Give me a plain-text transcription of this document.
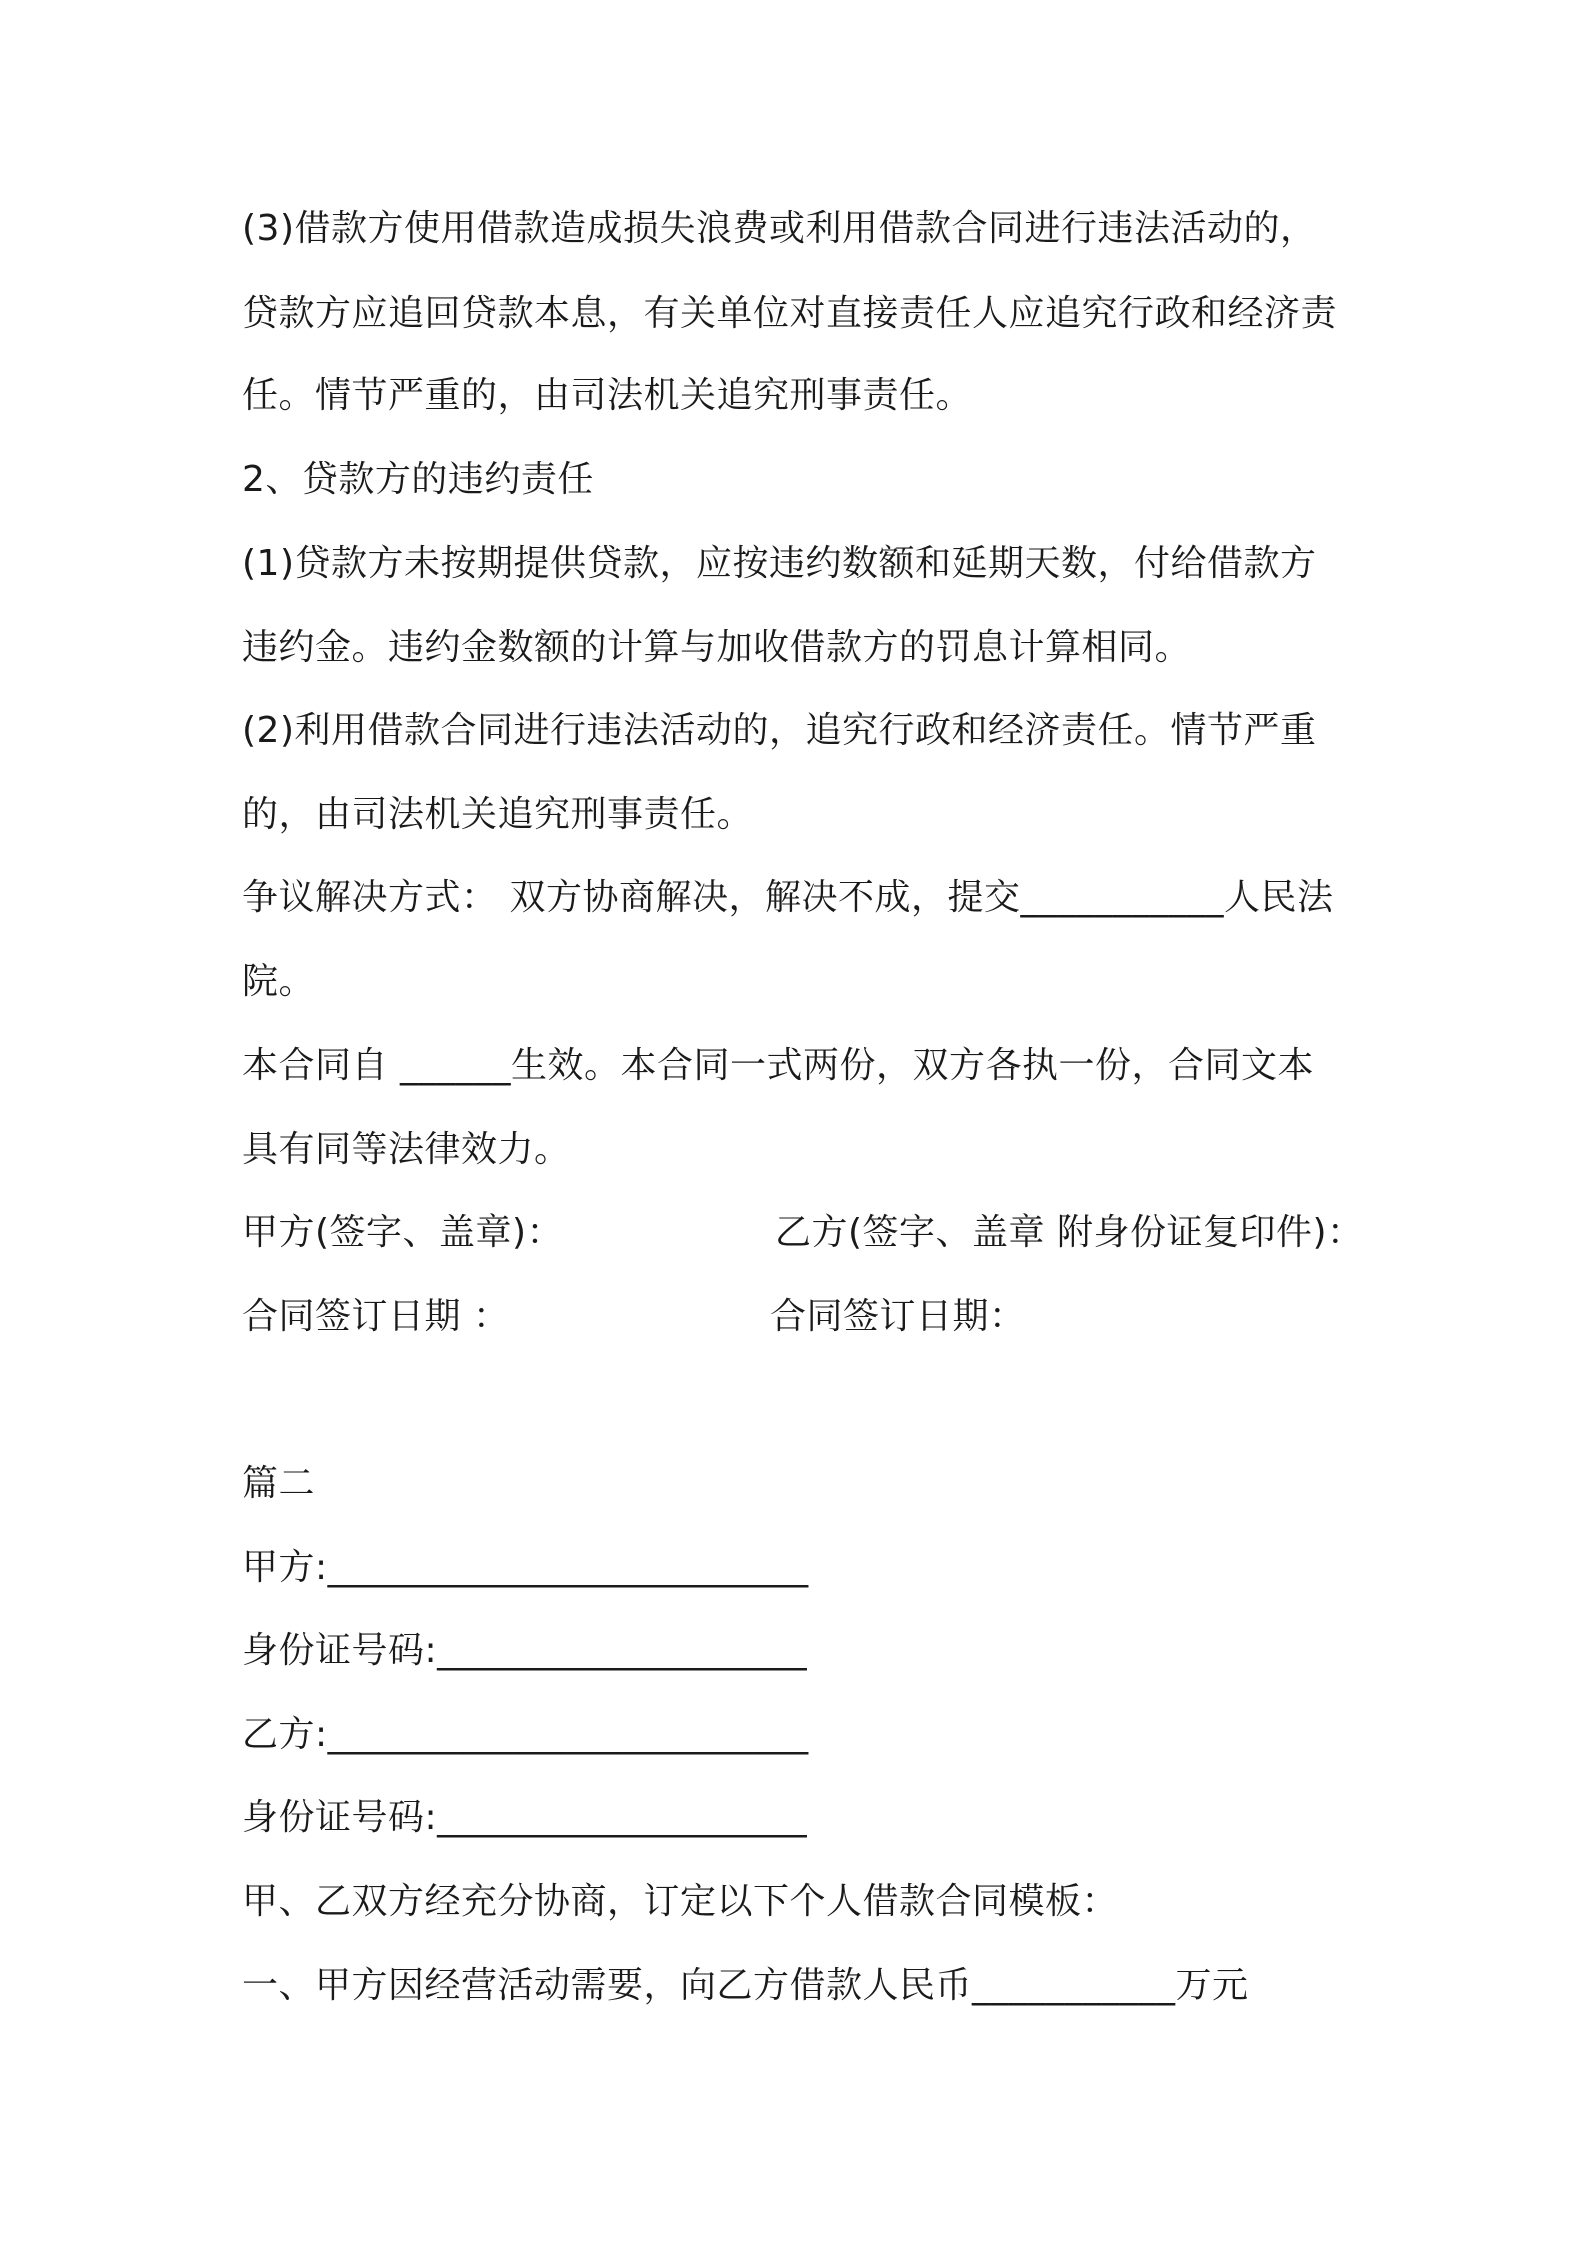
(3)借款方使用借款造成损失浪费或利用借款合同进行违法活动的，
贷款方应追回贷款本息，有关单位对直接责任人应追究行政和经济责
任。情节严重的，由司法机关追究刑事责任。
2、贷款方的违约责任
(1)贷款方未按期提供贷款，应按违约数额和延期天数，付给借款方
违约金。违约金数额的计算与加收借款方的罚息计算相同。
(2)利用借款合同进行违法活动的，追究行政和经济责任。情节严重
的，由司法机关追究刑事责任。
争议解决方式： 双方协商解决，解决不成，提交___________人民法
院。
本合同自 ______生效。本合同一式两份，双方各执一份，合同文本
具有同等法律效力。
甲方(签字、盖章)：	乙方(签字、盖章 附身份证复印件)：
合同签订日期 ：	合同签订日期：
篇二
甲方:__________________________
身份证号码:____________________
乙方:__________________________
身份证号码:____________________
甲、乙双方经充分协商，订定以下个人借款合同模板：
一、甲方因经营活动需要，向乙方借款人民币___________万元
